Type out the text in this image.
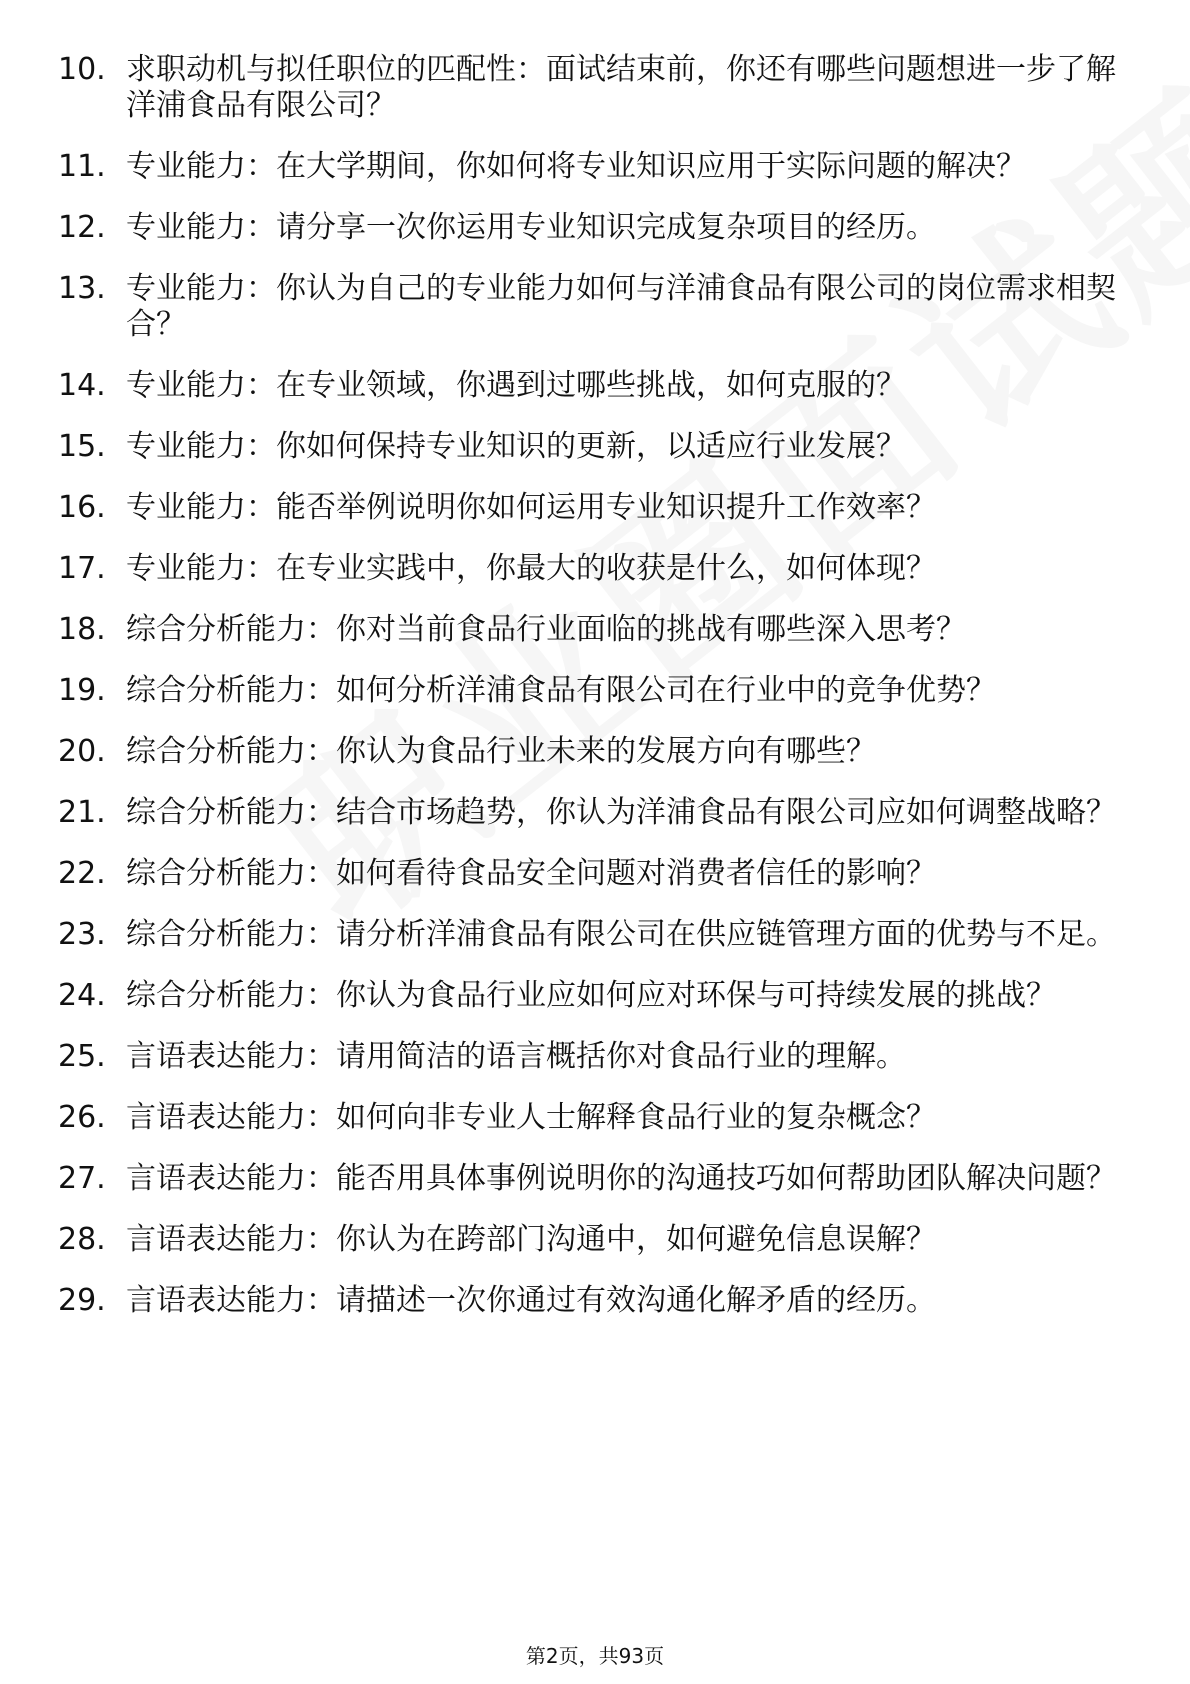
10. 求职动机与拟任职位的匹配性：面试结束前，你还有哪些问题想进一步了解洋浦食品有限公司？
11. 专业能力：在大学期间，你如何将专业知识应用于实际问题的解决？
12. 专业能力：请分享一次你运用专业知识完成复杂项目的经历。
13. 专业能力：你认为自己的专业能力如何与洋浦食品有限公司的岗位需求相契合？
14. 专业能力：在专业领域，你遇到过哪些挑战，如何克服的？
15. 专业能力：你如何保持专业知识的更新，以适应行业发展？
16. 专业能力：能否举例说明你如何运用专业知识提升工作效率？
17. 专业能力：在专业实践中，你最大的收获是什么，如何体现？
18. 综合分析能力：你对当前食品行业面临的挑战有哪些深入思考？
19. 综合分析能力：如何分析洋浦食品有限公司在行业中的竞争优势？
20. 综合分析能力：你认为食品行业未来的发展方向有哪些？
21. 综合分析能力：结合市场趋势，你认为洋浦食品有限公司应如何调整战略？
22. 综合分析能力：如何看待食品安全问题对消费者信任的影响？
23. 综合分析能力：请分析洋浦食品有限公司在供应链管理方面的优势与不足。
24. 综合分析能力：你认为食品行业应如何应对环保与可持续发展的挑战？
25. 言语表达能力：请用简洁的语言概括你对食品行业的理解。
26. 言语表达能力：如何向非专业人士解释食品行业的复杂概念？
27. 言语表达能力：能否用具体事例说明你的沟通技巧如何帮助团队解决问题？
28. 言语表达能力：你认为在跨部门沟通中，如何避免信息误解？
29. 言语表达能力：请描述一次你通过有效沟通化解矛盾的经历。
第2页，共93页
